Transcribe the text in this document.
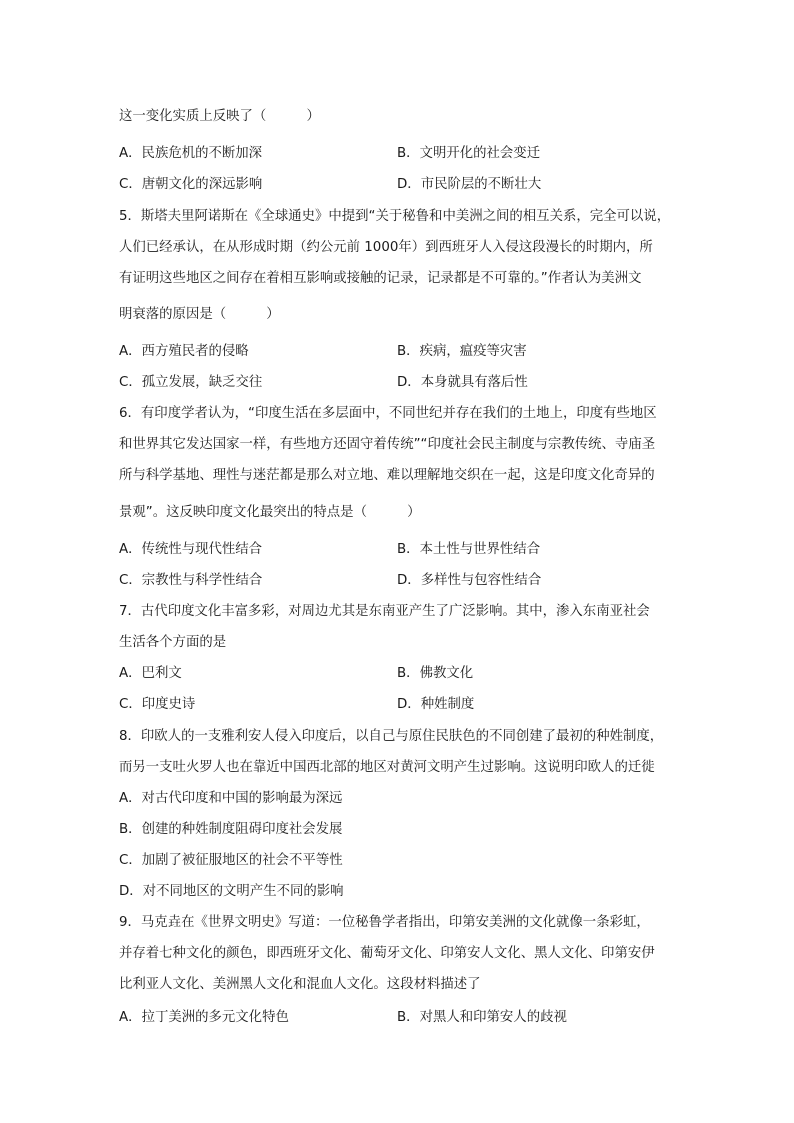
这一变化实质上反映了（　　　）
A．民族危机的不断加深	B．文明开化的社会变迁
C．唐朝文化的深远影响	D．市民阶层的不断壮大
5．斯塔夫里阿诺斯在《全球通史》中提到“关于秘鲁和中美洲之间的相互关系，完全可以说，
人们已经承认，在从形成时期（约公元前 1000年）到西班牙人入侵这段漫长的时期内，所
有证明这些地区之间存在着相互影响或接触的记录，记录都是不可靠的。”作者认为美洲文
明衰落的原因是（　　　）
A．西方殖民者的侵略	B．疾病，瘟疫等灾害
C．孤立发展，缺乏交往	D．本身就具有落后性
6．有印度学者认为，“印度生活在多层面中，不同世纪并存在我们的土地上，印度有些地区
和世界其它发达国家一样，有些地方还固守着传统”“印度社会民主制度与宗教传统、寺庙圣
所与科学基地、理性与迷茫都是那么对立地、难以理解地交织在一起，这是印度文化奇异的
景观”。这反映印度文化最突出的特点是（　　　）
A．传统性与现代性结合	B．本土性与世界性结合
C．宗教性与科学性结合	D．多样性与包容性结合
7．古代印度文化丰富多彩，对周边尤其是东南亚产生了广泛影响。其中，渗入东南亚社会
生活各个方面的是
A．巴利文	B．佛教文化
C．印度史诗	D．种姓制度
8．印欧人的一支雅利安人侵入印度后，以自己与原住民肤色的不同创建了最初的种姓制度，
而另一支吐火罗人也在靠近中国西北部的地区对黄河文明产生过影响。这说明印欧人的迁徙
A．对古代印度和中国的影响最为深远
B．创建的种姓制度阻碍印度社会发展
C．加剧了被征服地区的社会不平等性
D．对不同地区的文明产生不同的影响
9．马克垚在《世界文明史》写道：一位秘鲁学者指出，印第安美洲的文化就像一条彩虹，
并存着七种文化的颜色，即西班牙文化、葡萄牙文化、印第安人文化、黑人文化、印第安伊
比利亚人文化、美洲黑人文化和混血人文化。这段材料描述了
A．拉丁美洲的多元文化特色	B．对黑人和印第安人的歧视
